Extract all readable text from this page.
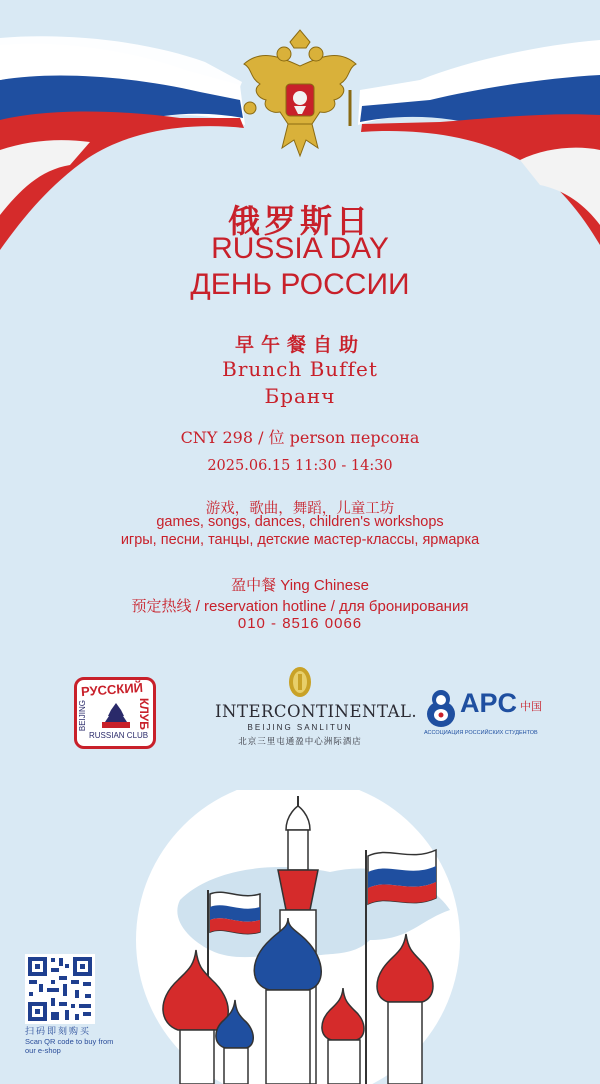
俄罗斯日
RUSSIA DAY
ДЕНЬ РОССИИ
早午餐自助
Brunch Buffet
Бранч
CNY 298 / 位 person персона
2025.06.15 11:30 - 14:30
游戏，歌曲，舞蹈，儿童工坊
games, songs, dances, children's workshops
игры, песни, танцы, детские мастер-классы, ярмарка
盈中餐 Ying Chinese
预定热线 / reservation hotline / для бронирования
010 - 8516 0066
РУССКИЙ
BEIJING	КЛУБ
RUSSIAN CLUB
INTERCONTINENTAL.
BEIJING SANLITUN
北京三里屯通盈中心洲际酒店
APC 中国
АССОЦИАЦИЯ РОССИЙСКИХ СТУДЕНТОВ
扫码即刻购买
Scan QR code to buy from our e-shop
